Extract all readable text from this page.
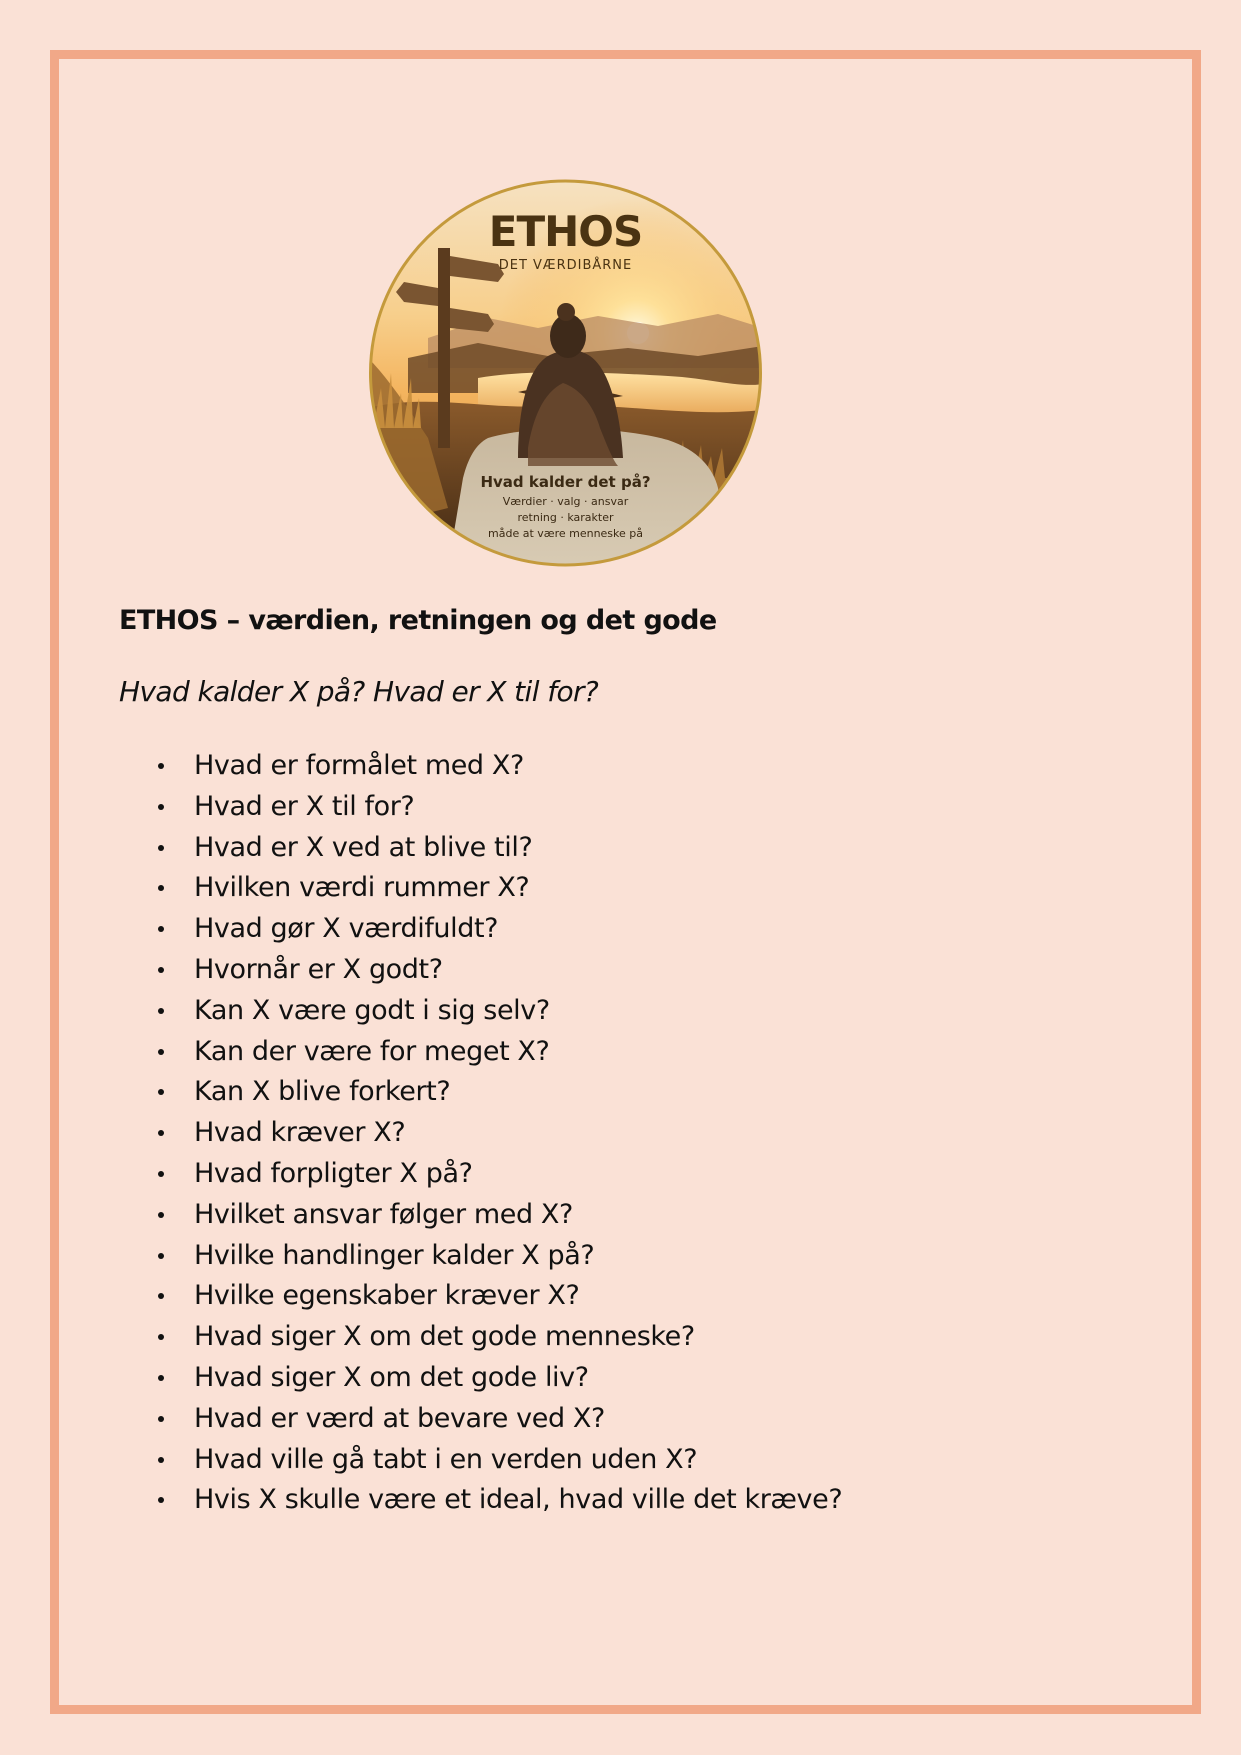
ETHOS
DET VÆRDIBÅRNE
Hvad kalder det på?
Værdier · valg · ansvar
retning · karakter
måde at være menneske på
ETHOS – værdien, retningen og det gode

Hvad kalder X på? Hvad er X til for?

Hvad er formålet med X?
Hvad er X til for?
Hvad er X ved at blive til?
Hvilken værdi rummer X?
Hvad gør X værdifuldt?
Hvornår er X godt?
Kan X være godt i sig selv?
Kan der være for meget X?
Kan X blive forkert?
Hvad kræver X?
Hvad forpligter X på?
Hvilket ansvar følger med X?
Hvilke handlinger kalder X på?
Hvilke egenskaber kræver X?
Hvad siger X om det gode menneske?
Hvad siger X om det gode liv?
Hvad er værd at bevare ved X?
Hvad ville gå tabt i en verden uden X?
Hvis X skulle være et ideal, hvad ville det kræve?
